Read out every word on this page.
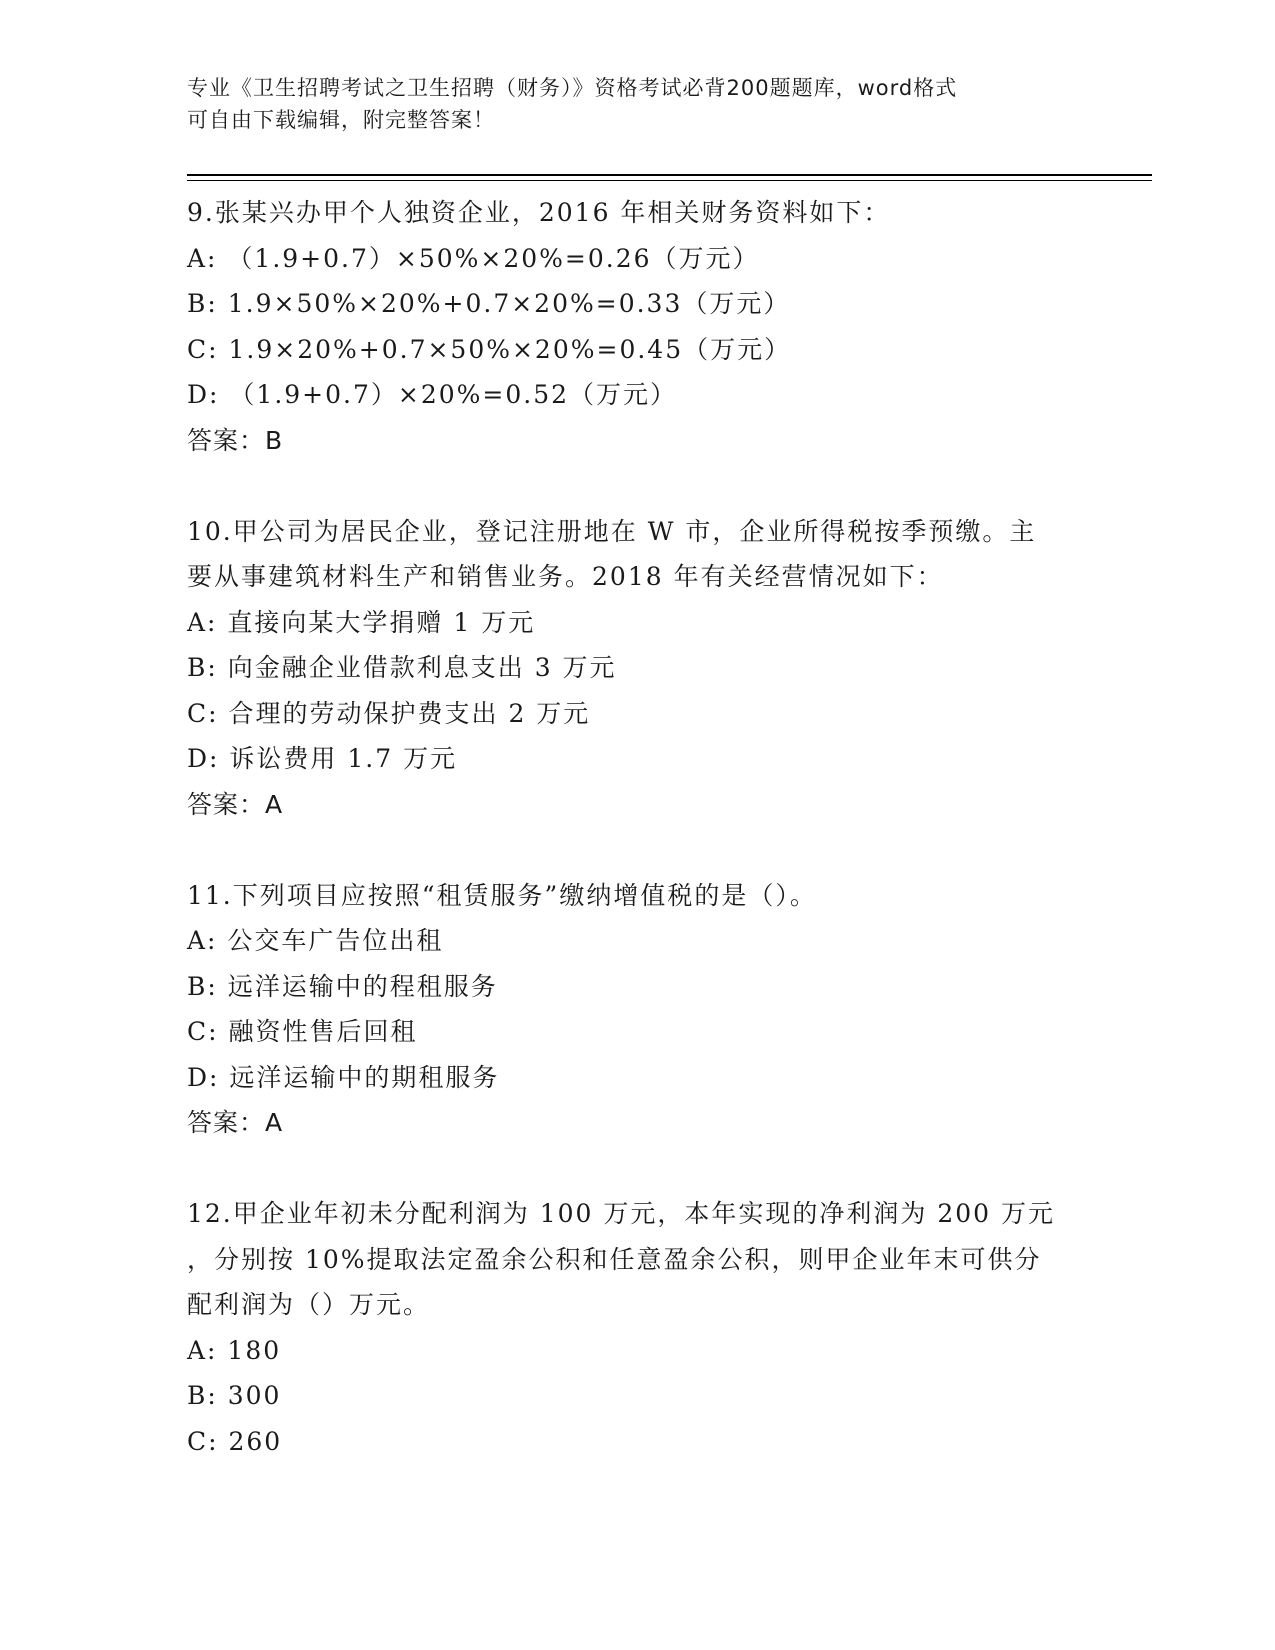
专业《卫生招聘考试之卫生招聘（财务）》资格考试必背200题题库，word格式
可自由下载编辑，附完整答案！
9.张某兴办甲个人独资企业，2016 年相关财务资料如下：
A: （1.9+0.7）×50%×20%=0.26（万元）
B: 1.9×50%×20%+0.7×20%=0.33（万元）
C: 1.9×20%+0.7×50%×20%=0.45（万元）
D: （1.9+0.7）×20%=0.52（万元）
答案：B
10.甲公司为居民企业，登记注册地在 W 市，企业所得税按季预缴。主
要从事建筑材料生产和销售业务。2018 年有关经营情况如下：
A: 直接向某大学捐赠 1 万元
B: 向金融企业借款利息支出 3 万元
C: 合理的劳动保护费支出 2 万元
D: 诉讼费用 1.7 万元
答案：A
11.下列项目应按照“租赁服务”缴纳增值税的是（）。
A: 公交车广告位出租
B: 远洋运输中的程租服务
C: 融资性售后回租
D: 远洋运输中的期租服务
答案：A
12.甲企业年初未分配利润为 100 万元，本年实现的净利润为 200 万元
，分别按 10%提取法定盈余公积和任意盈余公积，则甲企业年末可供分
配利润为（）万元。
A: 180
B: 300
C: 260
